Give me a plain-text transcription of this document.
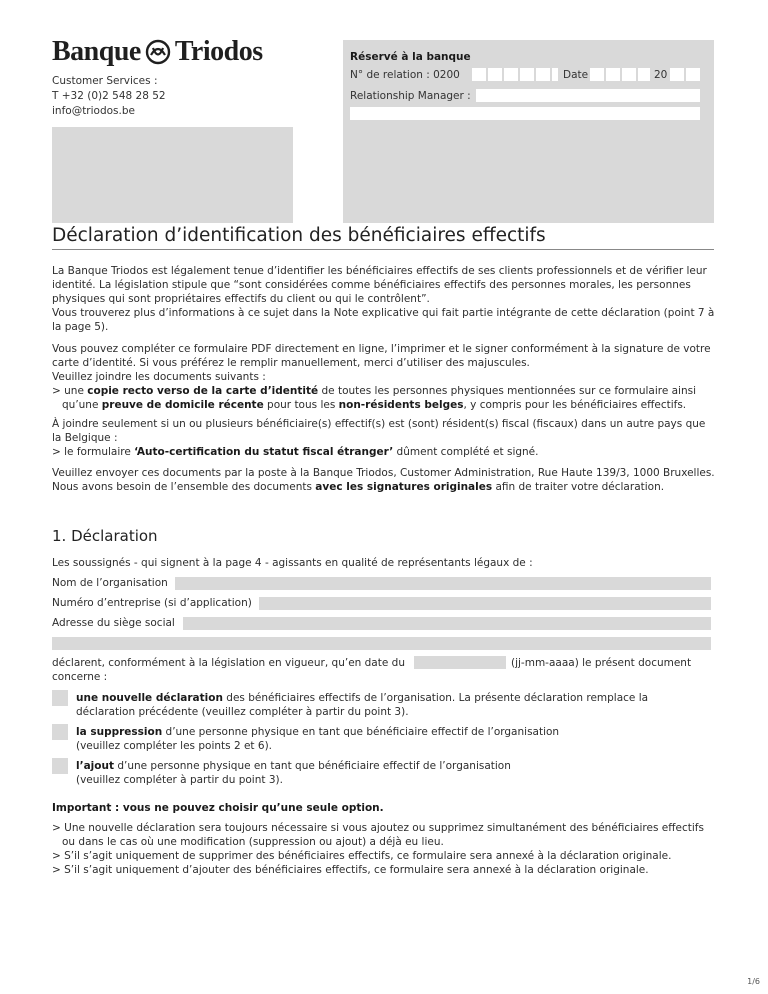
Banque Triodos
Customer Services :
T +32 (0)2 548 28 52
info@triodos.be
Réservé à la banque
N° de relation : 0200	Date	20
Relationship Manager :
Déclaration d’identification des bénéficiaires effectifs

La Banque Triodos est légalement tenue d’identifier les bénéficiaires effectifs de ses clients professionnels et de vérifier leur identité. La législation stipule que “sont considérées comme bénéficiaires effectifs des personnes morales, les personnes physiques qui sont propriétaires effectifs du client ou qui le contrôlent”.

Vous trouverez plus d’informations à ce sujet dans la Note explicative qui fait partie intégrante de cette déclaration (point 7 à la page 5).

Vous pouvez compléter ce formulaire PDF directement en ligne, l’imprimer et le signer conformément à la signature de votre carte d’identité. Si vous préférez le remplir manuellement, merci d’utiliser des majuscules.

Veuillez joindre les documents suivants :

> une copie recto verso de la carte d’identité de toutes les personnes physiques mentionnées sur ce formulaire ainsi qu’une preuve de domicile récente pour tous les non-résidents belges, y compris pour les bénéficiaires effectifs.

À joindre seulement si un ou plusieurs bénéficiaire(s) effectif(s) est (sont) résident(s) fiscal (fiscaux) dans un autre pays que la Belgique :

> le formulaire ‘Auto-certification du statut fiscal étranger’ dûment complété et signé.

Veuillez envoyer ces documents par la poste à la Banque Triodos, Customer Administration, Rue Haute 139/3, 1000 Bruxelles.

Nous avons besoin de l’ensemble des documents avec les signatures originales afin de traiter votre déclaration.

1. Déclaration
Les soussignés - qui signent à la page 4 - agissants en qualité de représentants légaux de :
Nom de l’organisation
Numéro d’entreprise (si d’application)
Adresse du siège social
déclarent, conformément à la législation en vigueur, qu’en date du	(jj-mm-aaaa) le présent document
concerne :
une nouvelle déclaration des bénéficiaires effectifs de l’organisation. La présente déclaration remplace la déclaration précédente (veuillez compléter à partir du point 3).
la suppression d’une personne physique en tant que bénéficiaire effectif de l’organisation
(veuillez compléter les points 2 et 6).
l’ajout d’une personne physique en tant que bénéficiaire effectif de l’organisation
(veuillez compléter à partir du point 3).
Important : vous ne pouvez choisir qu’une seule option.

> Une nouvelle déclaration sera toujours nécessaire si vous ajoutez ou supprimez simultanément des bénéficiaires effectifs ou dans le cas où une modification (suppression ou ajout) a déjà eu lieu.

> S’il s’agit uniquement de supprimer des bénéficiaires effectifs, ce formulaire sera annexé à la déclaration originale.

> S’il s’agit uniquement d’ajouter des bénéficiaires effectifs, ce formulaire sera annexé à la déclaration originale.

1/6
